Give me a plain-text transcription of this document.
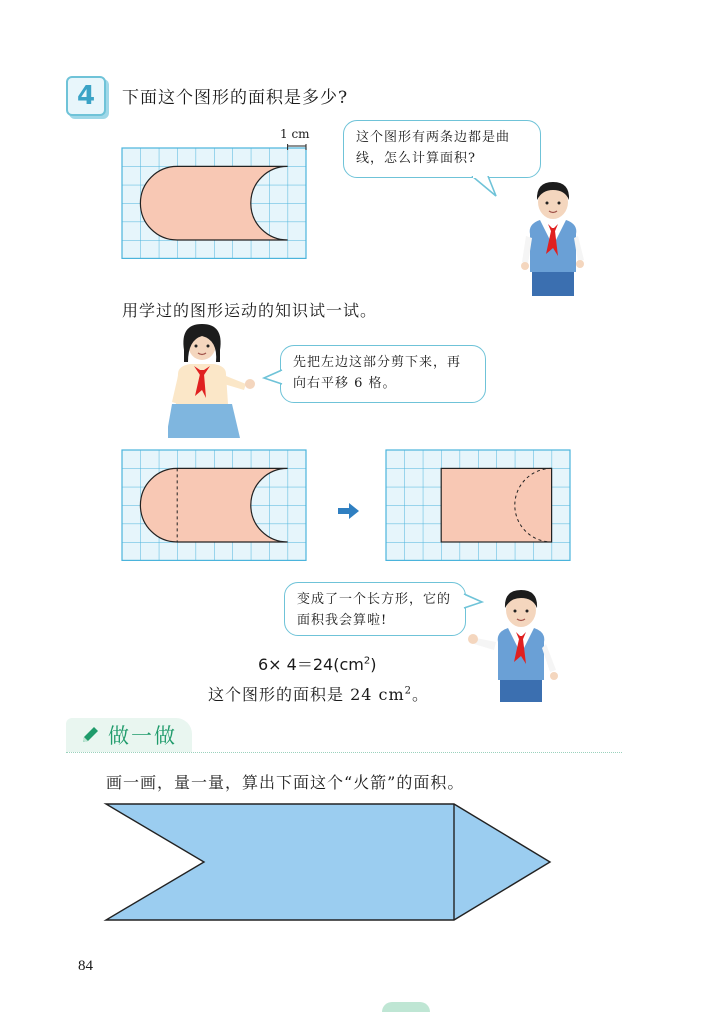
4 下面这个图形的面积是多少?
1 cm	这个图形有两条边都是曲
线，怎么计算面积?
用学过的图形运动的知识试一试。
先把左边这部分剪下来，再
向右平移 6 格。
变成了一个长方形，它的
面积我会算啦!
$6\times 4=24(cm^2)$
这个图形的面积是 24 $cm^2$。
做一做
画一画，量一量，算出下面这个“火箭”的面积。
84
